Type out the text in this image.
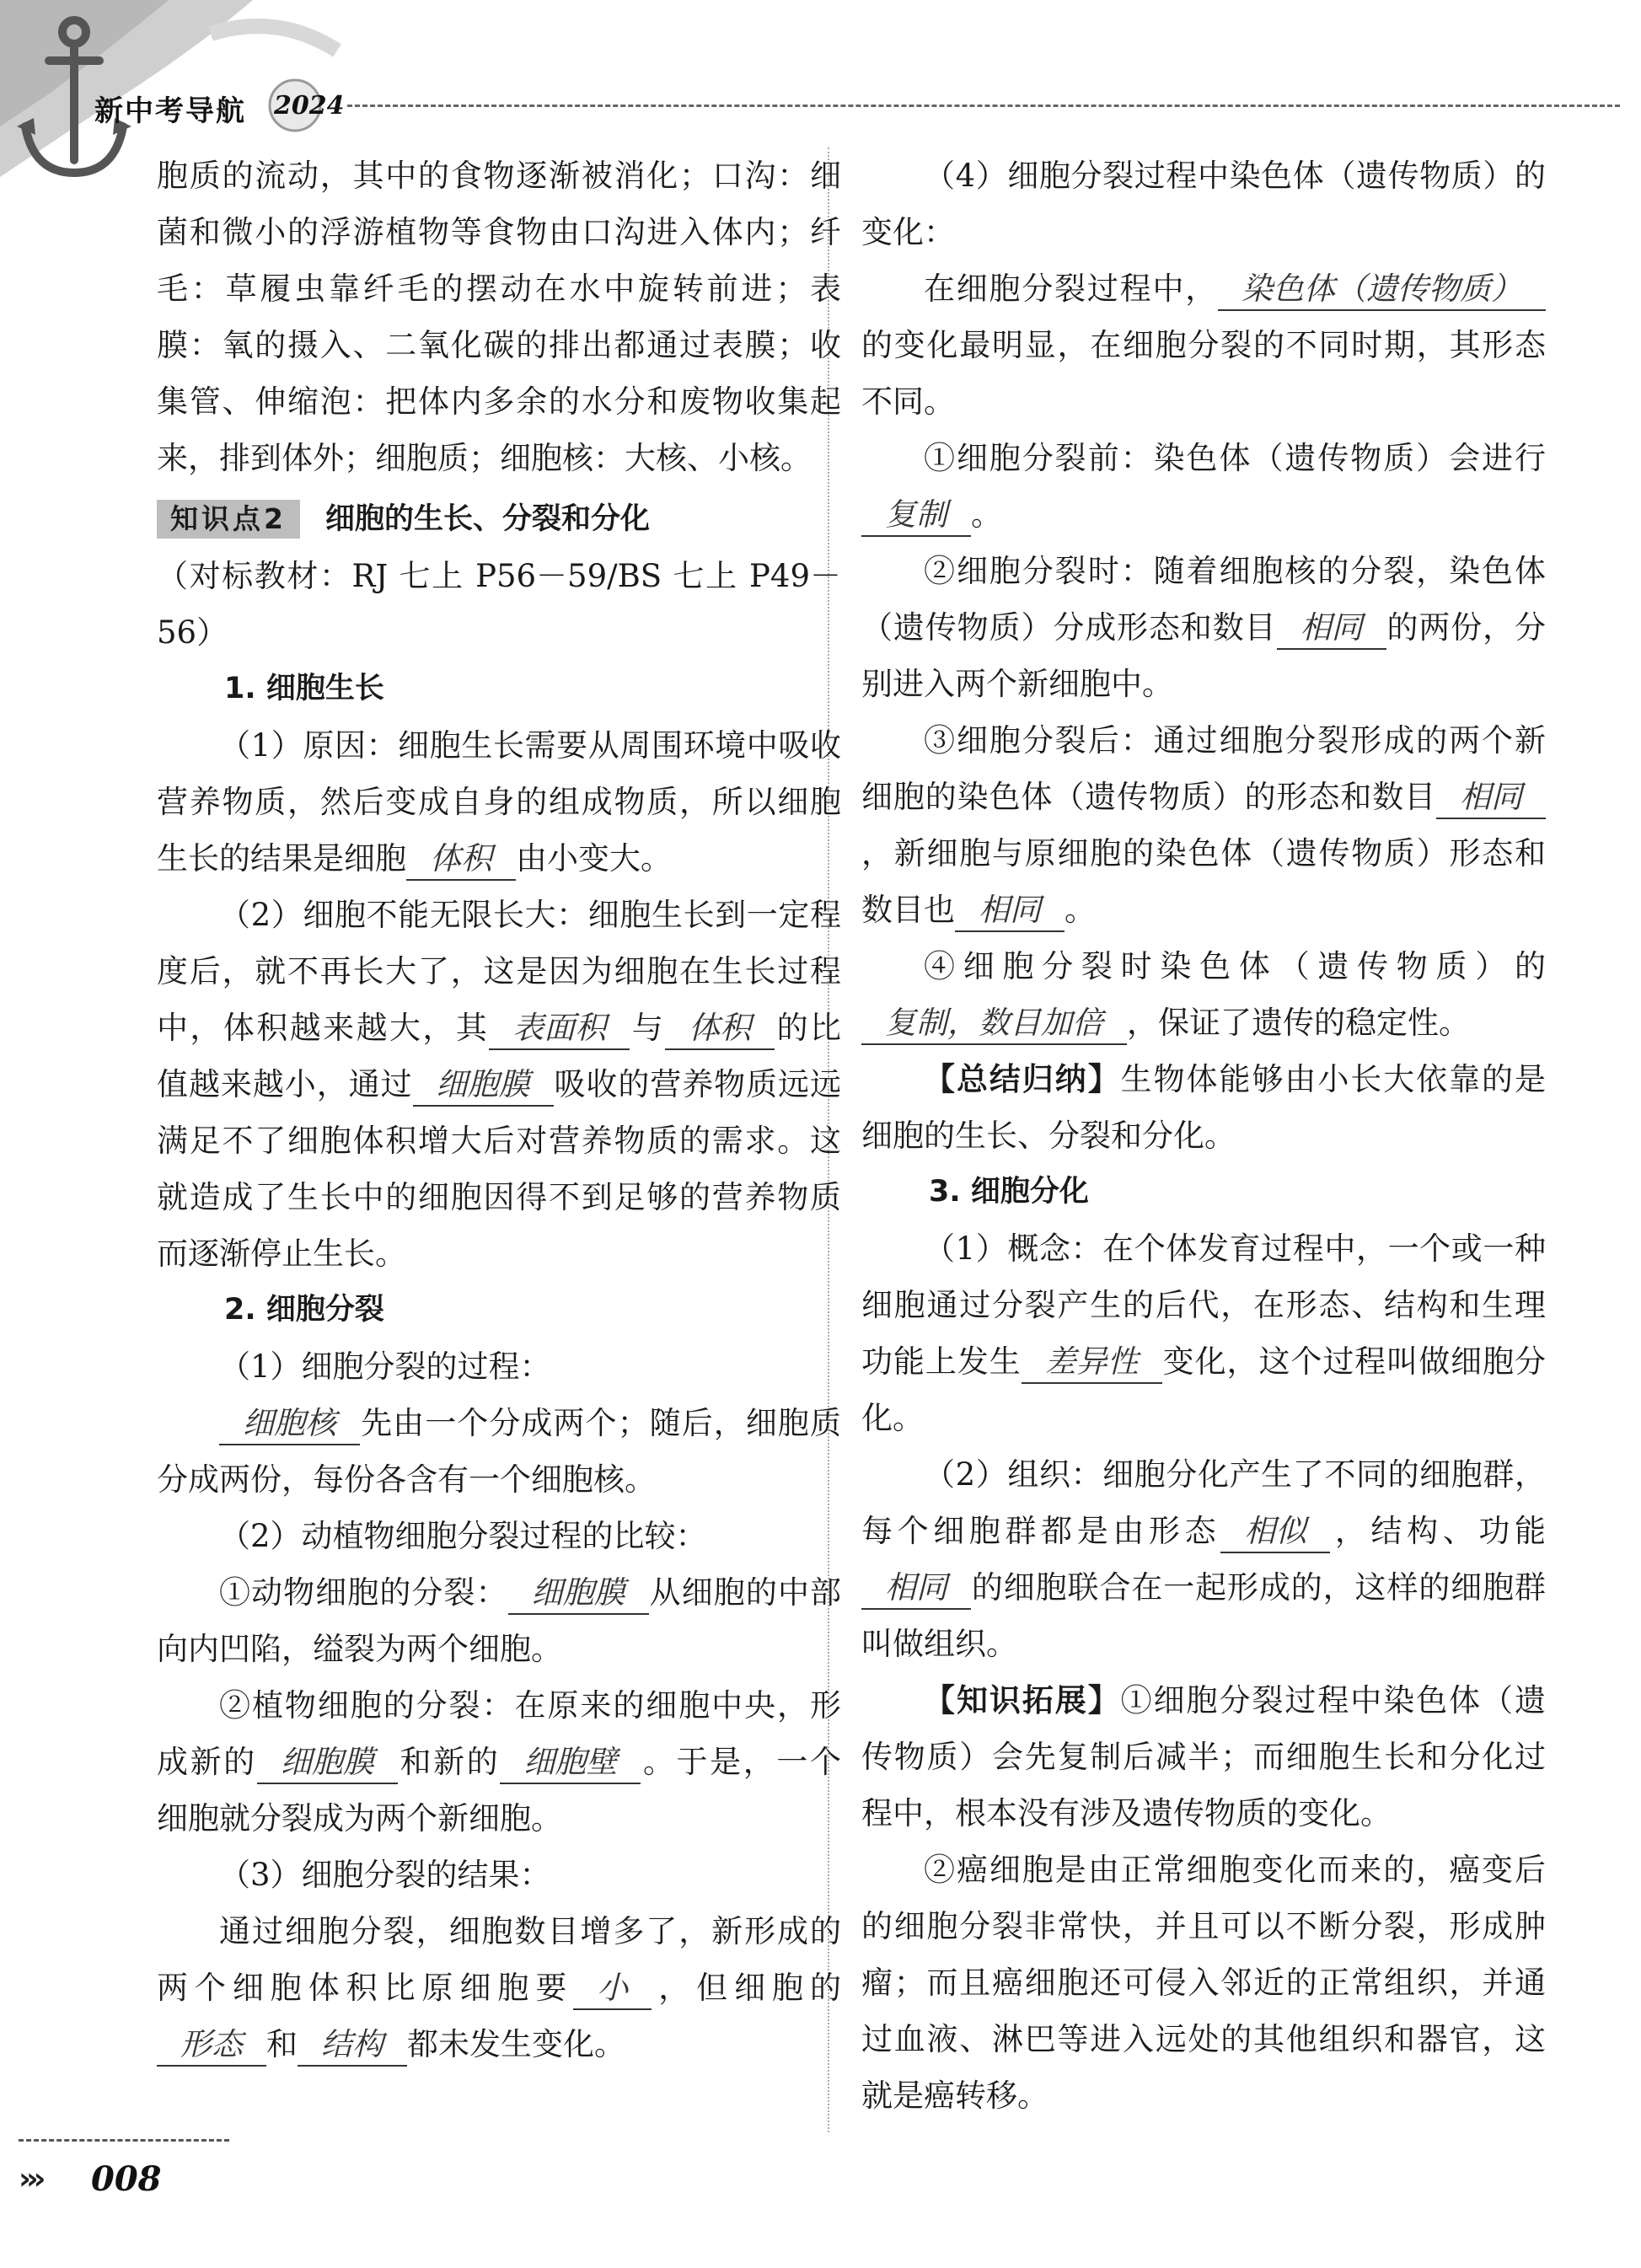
新中考导航 2024

胞质的流动，其中的食物逐渐被消化；口沟：细菌和微小的浮游植物等食物由口沟进入体内；纤毛：草履虫靠纤毛的摆动在水中旋转前进；表膜：氧的摄入、二氧化碳的排出都通过表膜；收集管、伸缩泡：把体内多余的水分和废物收集起来，排到体外；细胞质；细胞核：大核、小核。

知识点2 细胞的生长、分裂和分化

（对标教材：RJ 七上 P56－59/BS 七上 P49－56）

1. 细胞生长

（1）原因：细胞生长需要从周围环境中吸收营养物质，然后变成自身的组成物质，所以细胞生长的结果是细胞 体积 由小变大。

（2）细胞不能无限长大：细胞生长到一定程度后，就不再长大了，这是因为细胞在生长过程中，体积越来越大，其 表面积 与 体积 的比值越来越小，通过 细胞膜 吸收的营养物质远远满足不了细胞体积增大后对营养物质的需求。这就造成了生长中的细胞因得不到足够的营养物质而逐渐停止生长。

2. 细胞分裂

（1）细胞分裂的过程：

细胞核 先由一个分成两个；随后，细胞质分成两份，每份各含有一个细胞核。

（2）动植物细胞分裂过程的比较：

①动物细胞的分裂： 细胞膜 从细胞的中部向内凹陷，缢裂为两个细胞。

②植物细胞的分裂：在原来的细胞中央，形成新的 细胞膜 和新的 细胞壁 。于是，一个细胞就分裂成为两个新细胞。

（3）细胞分裂的结果：

通过细胞分裂，细胞数目增多了，新形成的两个细胞体积比原细胞要 小 ，但细胞的形态 和 结构 都未发生变化。

（4）细胞分裂过程中染色体（遗传物质）的变化：

在细胞分裂过程中， 染色体（遗传物质）的变化最明显，在细胞分裂的不同时期，其形态不同。

①细胞分裂前：染色体（遗传物质）会进行复制 。

②细胞分裂时：随着细胞核的分裂，染色体（遗传物质）分成形态和数目 相同 的两份，分别进入两个新细胞中。

③细胞分裂后：通过细胞分裂形成的两个新细胞的染色体（遗传物质）的形态和数目 相同，新细胞与原细胞的染色体（遗传物质）形态和数目也 相同 。

④细胞分裂时染色体（遗传物质）的复制，数目加倍 ，保证了遗传的稳定性。

【总结归纳】生物体能够由小长大依靠的是细胞的生长、分裂和分化。

3. 细胞分化

（1）概念：在个体发育过程中，一个或一种细胞通过分裂产生的后代，在形态、结构和生理功能上发生 差异性 变化，这个过程叫做细胞分化。

（2）组织：细胞分化产生了不同的细胞群，每个细胞群都是由形态 相似 ，结构、功能相同 的细胞联合在一起形成的，这样的细胞群叫做组织。

【知识拓展】①细胞分裂过程中染色体（遗传物质）会先复制后减半；而细胞生长和分化过程中，根本没有涉及遗传物质的变化。

②癌细胞是由正常细胞变化而来的，癌变后的细胞分裂非常快，并且可以不断分裂，形成肿瘤；而且癌细胞还可侵入邻近的正常组织，并通过血液、淋巴等进入远处的其他组织和器官，这就是癌转移。

››› 008
